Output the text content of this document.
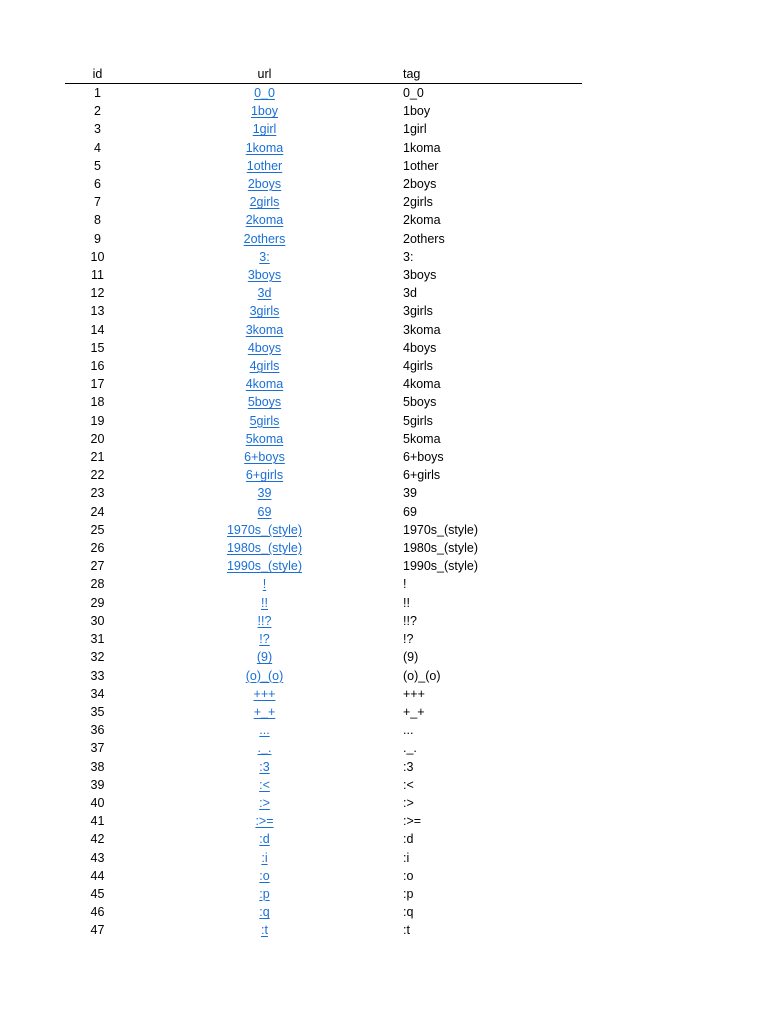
id	url	tag
1	0_0	0_0
2	1boy	1boy
3	1girl	1girl
4	1koma	1koma
5	1other	1other
6	2boys	2boys
7	2girls	2girls
8	2koma	2koma
9	2others	2others
10	3:	3:
11	3boys	3boys
12	3d	3d
13	3girls	3girls
14	3koma	3koma
15	4boys	4boys
16	4girls	4girls
17	4koma	4koma
18	5boys	5boys
19	5girls	5girls
20	5koma	5koma
21	6+boys	6+boys
22	6+girls	6+girls
23	39	39
24	69	69
25	1970s_(style)	1970s_(style)
26	1980s_(style)	1980s_(style)
27	1990s_(style)	1990s_(style)
28	!	!
29	!!	!!
30	!!?	!!?
31	!?	!?
32	(9)	(9)
33	(o)_(o)	(o)_(o)
34	+++	+++
35	+_+	+_+
36	...	...
37	._.	._.
38	:3	:3
39	:<	:<
40	:>	:>
41	:>=	:>=
42	:d	:d
43	:i	:i
44	:o	:o
45	:p	:p
46	:q	:q
47	:t	:t
